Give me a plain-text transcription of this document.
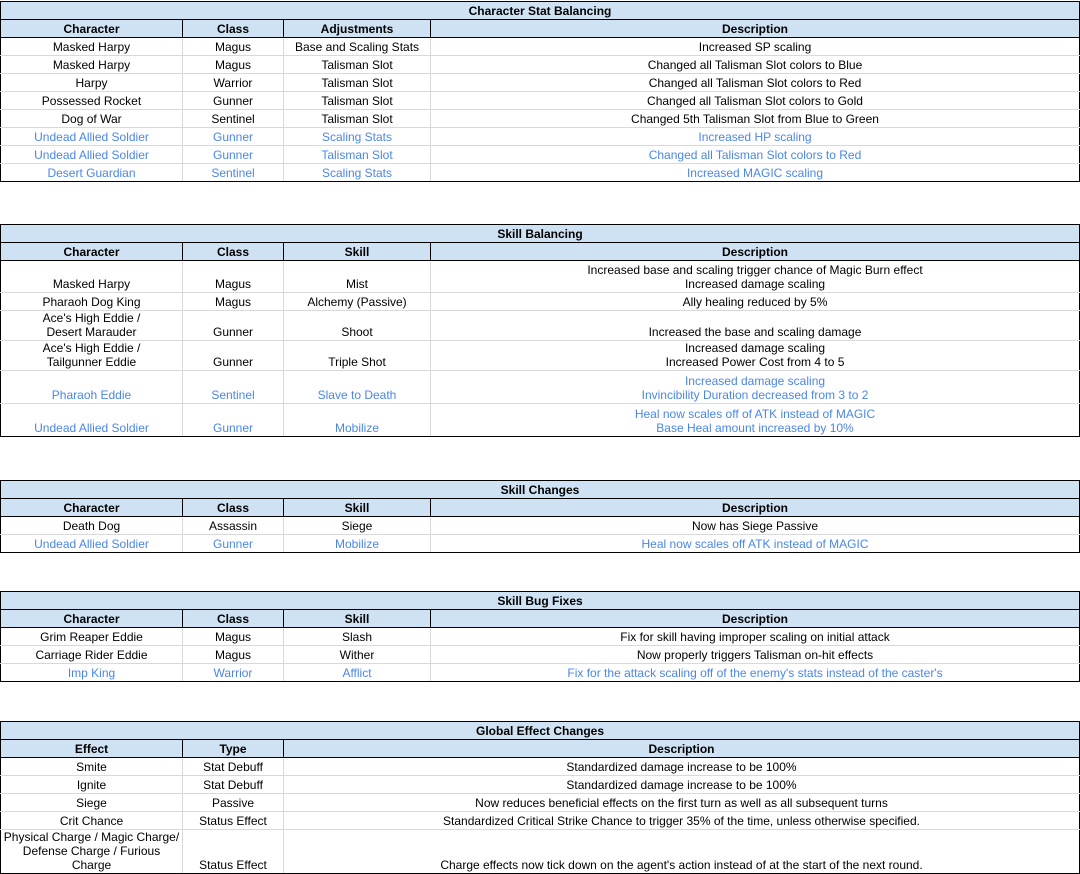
Character Stat Balancing			
Character	Class	Adjustments	Description
Masked Harpy	Magus	Base and Scaling Stats	Increased SP scaling
Masked Harpy	Magus	Talisman Slot	Changed all Talisman Slot colors to Blue
Harpy	Warrior	Talisman Slot	Changed all Talisman Slot colors to Red
Possessed Rocket	Gunner	Talisman Slot	Changed all Talisman Slot colors to Gold
Dog of War	Sentinel	Talisman Slot	Changed 5th Talisman Slot from Blue to Green
Undead Allied Soldier	Gunner	Scaling Stats	Increased HP scaling
Undead Allied Soldier	Gunner	Talisman Slot	Changed all Talisman Slot colors to Red
Desert Guardian	Sentinel	Scaling Stats	Increased MAGIC scaling
Skill Balancing			
Character	Class	Skill	Description
Masked Harpy	Magus	Mist	Increased base and scaling trigger chance of Magic Burn effect
Increased damage scaling
Pharaoh Dog King	Magus	Alchemy (Passive)	Ally healing reduced by 5%
Ace's High Eddie /
Desert Marauder	Gunner	Shoot	Increased the base and scaling damage
Ace's High Eddie /
Tailgunner Eddie	Gunner	Triple Shot	Increased damage scaling
Increased Power Cost from 4 to 5
Pharaoh Eddie	Sentinel	Slave to Death	Increased damage scaling
Invincibility Duration decreased from 3 to 2
Undead Allied Soldier	Gunner	Mobilize	Heal now scales off of ATK instead of MAGIC
Base Heal amount increased by 10%
Skill Changes			
Character	Class	Skill	Description
Death Dog	Assassin	Siege	Now has Siege Passive
Undead Allied Soldier	Gunner	Mobilize	Heal now scales off ATK instead of MAGIC
Skill Bug Fixes			
Character	Class	Skill	Description
Grim Reaper Eddie	Magus	Slash	Fix for skill having improper scaling on initial attack
Carriage Rider Eddie	Magus	Wither	Now properly triggers Talisman on-hit effects
Imp King	Warrior	Afflict	Fix for the attack scaling off of the enemy's stats instead of the caster's
Global Effect Changes		
Effect	Type	Description
Smite	Stat Debuff	Standardized damage increase to be 100%
Ignite	Stat Debuff	Standardized damage increase to be 100%
Siege	Passive	Now reduces beneficial effects on the first turn as well as all subsequent turns
Crit Chance	Status Effect	Standardized Critical Strike Chance to trigger 35% of the time, unless otherwise specified.
Physical Charge / Magic Charge/
Defense Charge / Furious Charge	Status Effect	Charge effects now tick down on the agent's action instead of at the start of the next round.
